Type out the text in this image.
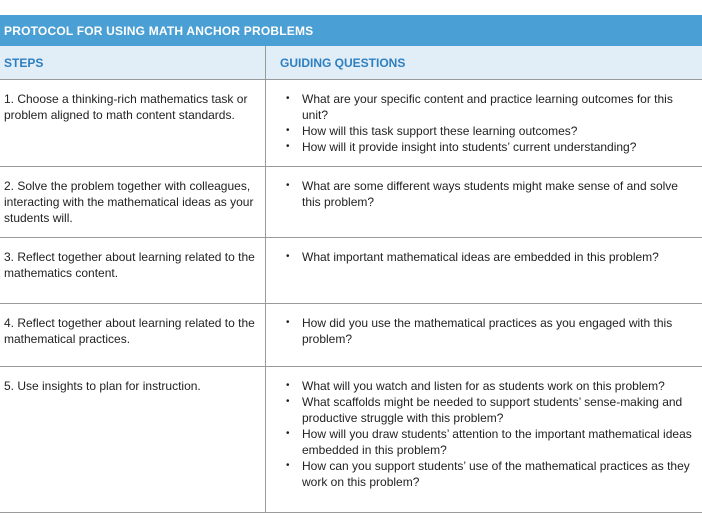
PROTOCOL FOR USING MATH ANCHOR PROBLEMS
STEPS	GUIDING QUESTIONS
1. Choose a thinking-rich mathematics task or problem aligned to math content standards.
• What are your specific content and practice learning outcomes for this unit?
• How will this task support these learning outcomes?
• How will it provide insight into students’ current understanding?
2. Solve the problem together with colleagues, interacting with the mathematical ideas as your students will.
• What are some different ways students might make sense of and solve this problem?
3. Reflect together about learning related to the mathematics content.
• What important mathematical ideas are embedded in this problem?
4. Reflect together about learning related to the mathematical practices.
• How did you use the mathematical practices as you engaged with this problem?
5. Use insights to plan for instruction.	• What will you watch and listen for as students work on this problem?
• What scaffolds might be needed to support students’ sense-making and productive struggle with this problem?
• How will you draw students’ attention to the important mathematical ideas embedded in this problem?
• How can you support students’ use of the mathematical practices as they work on this problem?
